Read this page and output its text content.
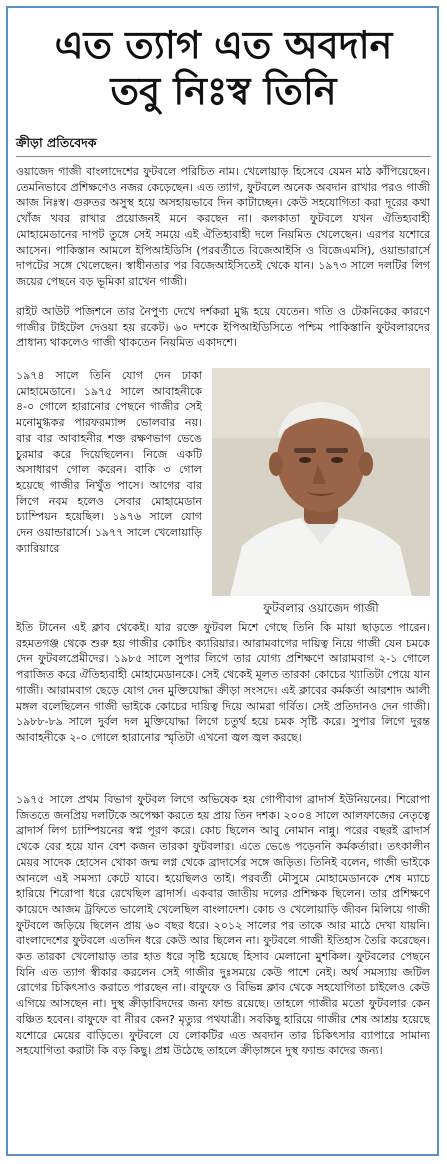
এত ত্যাগ এত অবদান
তবু নিঃস্ব তিনি
ক্রীড়া প্রতিবেদক

ওয়াজেদ গাজী বাংলাদেশের ফুটবলে পরিচিত নাম। খেলোয়াড় হিসেবে যেমন মাঠ কাঁপিয়েছেন। তেমনিভাবে প্রশিক্ষণেও নজর কেড়েছেন। এত ত্যাগ, ফুটবলে অনেক অবদান রাখার পরও গাজী আজ নিঃস্ব। গুরুতর অসুস্থ হয়ে অসহায়ভাবে দিন কাটাচ্ছেন। কেউ সহযোগিতা করা দূরের কথা খোঁজ খবর রাখার প্রয়োজনই মনে করছেন না। কলকাতা ফুটবলে যখন ঐতিহ্যবাহী মোহামেডানের দাপট তুঙ্গে সেই সময়ে এই ঐতিহ্যবাহী দলে নিয়মিত খেলেছেন। এরপর যশোরে আসেন। পাকিস্তান আমলে ইপিআইডিসি (পরবর্তীতে বিজেআইসি ও বিজেএমসি), ওয়ান্ডারার্সে দাপটের সঙ্গে খেলেছেন। স্বাধীনতার পর বিজেআইসিতেই থেকে যান। ১৯৭৩ সালে দলটির লিগ জয়ের পেছনে বড় ভূমিকা রাখেন গাজী।

রাইট আউট পজিশনে তার নৈপুণ্য দেখে দর্শকরা মুগ্ধ হয়ে যেতেন। গতি ও টেকনিকের কারণে গাজীর টাইটেল দেওয়া হয় রকেট। ৬০ দশকে ইপিআইডিসিতে পশ্চিম পাকিস্তানি ফুটবলারদের প্রাধান্য থাকলেও গাজী থাকতেন নিয়মিত একাদশে।

১৯৭৪ সালে তিনি যোগ দেন ঢাকা মোহামেডানে। ১৯৭৫ সালে আবাহনীকে ৪-০ গোলে হারানোর পেছনে গাজীর সেই মনোমুগ্ধকর পারফরম্যান্স ভোলবার নয়। বার বার আবাহনীর শক্ত রক্ষণভাগ ভেঙে চুরমার করে দিয়েছিলেন। নিজে একটি অসাধারণ গোল করেন। বাকি ৩ গোল হয়েছে গাজীর নিখুঁত পাসে। আগের বার লিগে নবম হলেও সেবার মোহামেডান চ্যাম্পিয়ন হয়েছিল। ১৯৭৬ সালে যোগ দেন ওয়ান্ডারার্সে। ১৯৭৭ সালে খেলোয়াড়ি ক্যারিয়ারে

ফুটবলার ওয়াজেদ গাজী

ইতি টানেন এই ক্লাব থেকেই। যার রক্তে ফুটবল মিশে গেছে তিনি কি মায়া ছাড়তে পারেন। রহমতগঞ্জ থেকে শুরু হয় গাজীর কোচিং ক্যারিয়ার। আরামবাগের দায়িত্ব নিয়ে গাজী যেন চমকে দেন ফুটবলপ্রেমীদের। ১৯৮৫ সালে সুপার লিগে তার যোগ্য প্রশিক্ষণে আরামবাগ ২-১ গোলে পরাজিত করে ঐতিহ্যবাহী মোহামেডানকে। সেই থেকেই মূলত তারকা কোচের খ্যাতিটা পেয়ে যান গাজী। আরামবাগ ছেড়ে যোগ দেন মুক্তিযোদ্ধা ক্রীড়া সংসদে। এই ক্লাবের কর্মকর্তা আরশাদ আলী মঙ্গল বলেছিলেন গাজী ভাইকে কোচের দায়িত্ব দিয়ে আমরা গর্বিত। সেই প্রতিদানও দেন গাজী। ১৯৮৮-৮৯ সালে দুর্বল দল মুক্তিযোদ্ধা লিগে চতুর্থ হয়ে চমক সৃষ্টি করে। সুপার লিগে দুরন্ত আবাহনীকে ২-০ গোলে হারানোর স্মৃতিটা এখনো জ্বল জ্বল করছে।

১৯৭৫ সালে প্রথম বিভাগ ফুটবল লিগে অভিষেক হয় গোপীবাগ ব্রাদার্স ইউনিয়নের। শিরোপা জিততে জনপ্রিয় দলটিকে অপেক্ষা করতে হয় প্রায় তিন দশক। ২০০৪ সালে আলফাজের নেতৃত্বে ব্রাদার্স লিগ চ্যাম্পিয়নের স্বপ্ন পূরণ করে। কোচ ছিলেন আবু নোমান নান্নু। পরের বছরই ব্রাদার্স থেকে বের হয়ে যান বেশ কজন তারকা ফুটবলার। এতে ভেঙে পড়েননি কর্মকর্তারা। তৎকালীন মেয়র সাদেক হোসেন খোকা জন্ম লগ্ন থেকে ব্রাদার্সের সঙ্গে জড়িত। তিনিই বলেন, গাজী ভাইকে আনলে এই সমস্যা কেটে যাবে। হয়েছিলও তাই। পরবর্তী মৌসুমে মোহামেডানকে শেষ ম্যাচে হারিয়ে শিরোপা ধরে রেখেছিল ব্রাদার্স। একবার জাতীয় দলের প্রশিক্ষক ছিলেন। তার প্রশিক্ষণে কায়েদে আজম ট্রফিতে ভালোই খেলেছিল বাংলাদেশ। কোচ ও খেলোয়াড়ি জীবন মিলিয়ে গাজী ফুটবলে জড়িয়ে ছিলেন প্রায় ৬০ বছর ধরে। ২০১২ সালের পর তাকে আর মাঠে দেখা যায়নি। বাংলাদেশের ফুটবলে এতদিন ধরে কেউ আর ছিলেন না। ফুটবলে গাজী ইতিহাস তৈরি করেছেন। কত তারকা খেলোয়াড় তার হাত ধরে সৃষ্টি হয়েছে হিসাব মেলানো মুশকিল। ফুটবলের পেছনে যিনি এত ত্যাগ স্বীকার করলেন সেই গাজীর দুঃসময়ে কেউ পাশে নেই। অর্থ সমস্যায় জটিল রোগের চিকিৎসাও করাতে পারছেন না। বাফুফে ও বিভিন্ন ক্লাব থেকে সহযোগিতা চাইলেও কেউ এগিয়ে আসছেন না। দুস্থ ক্রীড়াবিদদের জন্য ফান্ড রয়েছে। তাহলে গাজীর মতো ফুটবলার কেন বঞ্চিত হবেন। বাফুফে বা নীরব কেন? মৃত্যুর পথযাত্রী। সবকিছু হারিয়ে গাজীর শেষ আশ্রয় হয়েছে যশোরে মেয়ের বাড়িতে। ফুটবলে যে লোকটির এত অবদান তার চিকিৎসার ব্যাপারে সামান্য সহযোগিতা করাটা কি বড় কিছু। প্রশ্ন উঠেছে তাহলে ক্রীড়াঙ্গনে দুস্থ ফ্যান্ড কাদের জন্য।
